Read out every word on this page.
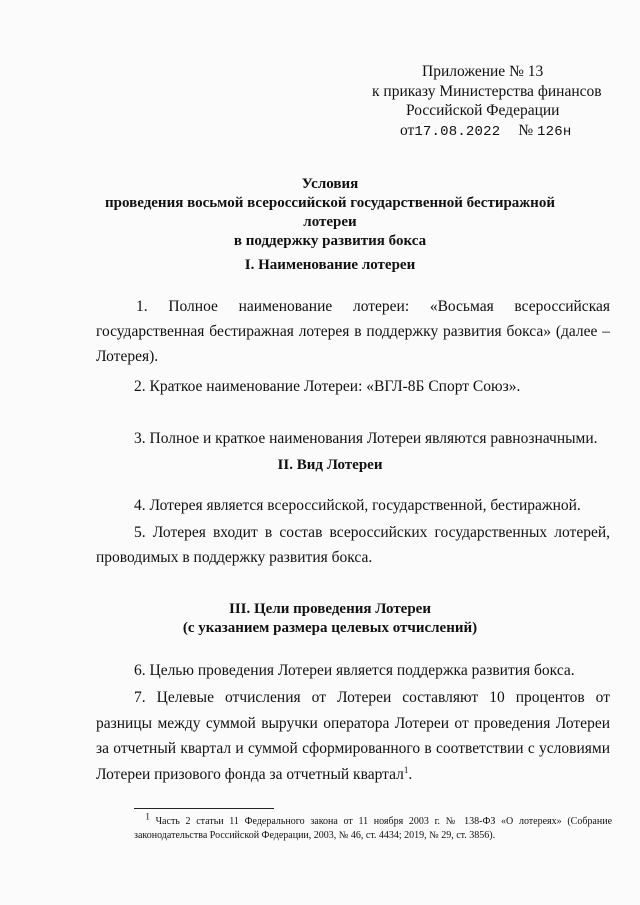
Приложение № 13
к приказу Министерства финансов
Российской Федерации
от17.08.2022 № 126н
Условия
проведения восьмой всероссийской государственной бестиражной лотереи
в поддержку развития бокса
I. Наименование лотереи
1. Полное наименование лотереи: «Восьмая всероссийская
государственная бестиражная лотерея в поддержку развития бокса» (далее – Лотерея).
2. Краткое наименование Лотереи: «ВГЛ-8Б Спорт Союз».
3. Полное и краткое наименования Лотереи являются равнозначными.
II. Вид Лотереи
4. Лотерея является всероссийской, государственной, бестиражной.
5. Лотерея входит в состав всероссийских государственных лотерей, проводимых в поддержку развития бокса.
III. Цели проведения Лотереи
(с указанием размера целевых отчислений)
6. Целью проведения Лотереи является поддержка развития бокса.
7. Целевые отчисления от Лотереи составляют 10 процентов от разницы между суммой выручки оператора Лотереи от проведения Лотереи за отчетный квартал и суммой сформированного в соответствии с условиями Лотереи призового фонда за отчетный квартал$^1$.
$^1$ Часть 2 статьи 11 Федерального закона от 11 ноября 2003 г. № 138-ФЗ «О лотереях» (Собрание законодательства Российской Федерации, 2003, № 46, ст. 4434; 2019, № 29, ст. 3856).
